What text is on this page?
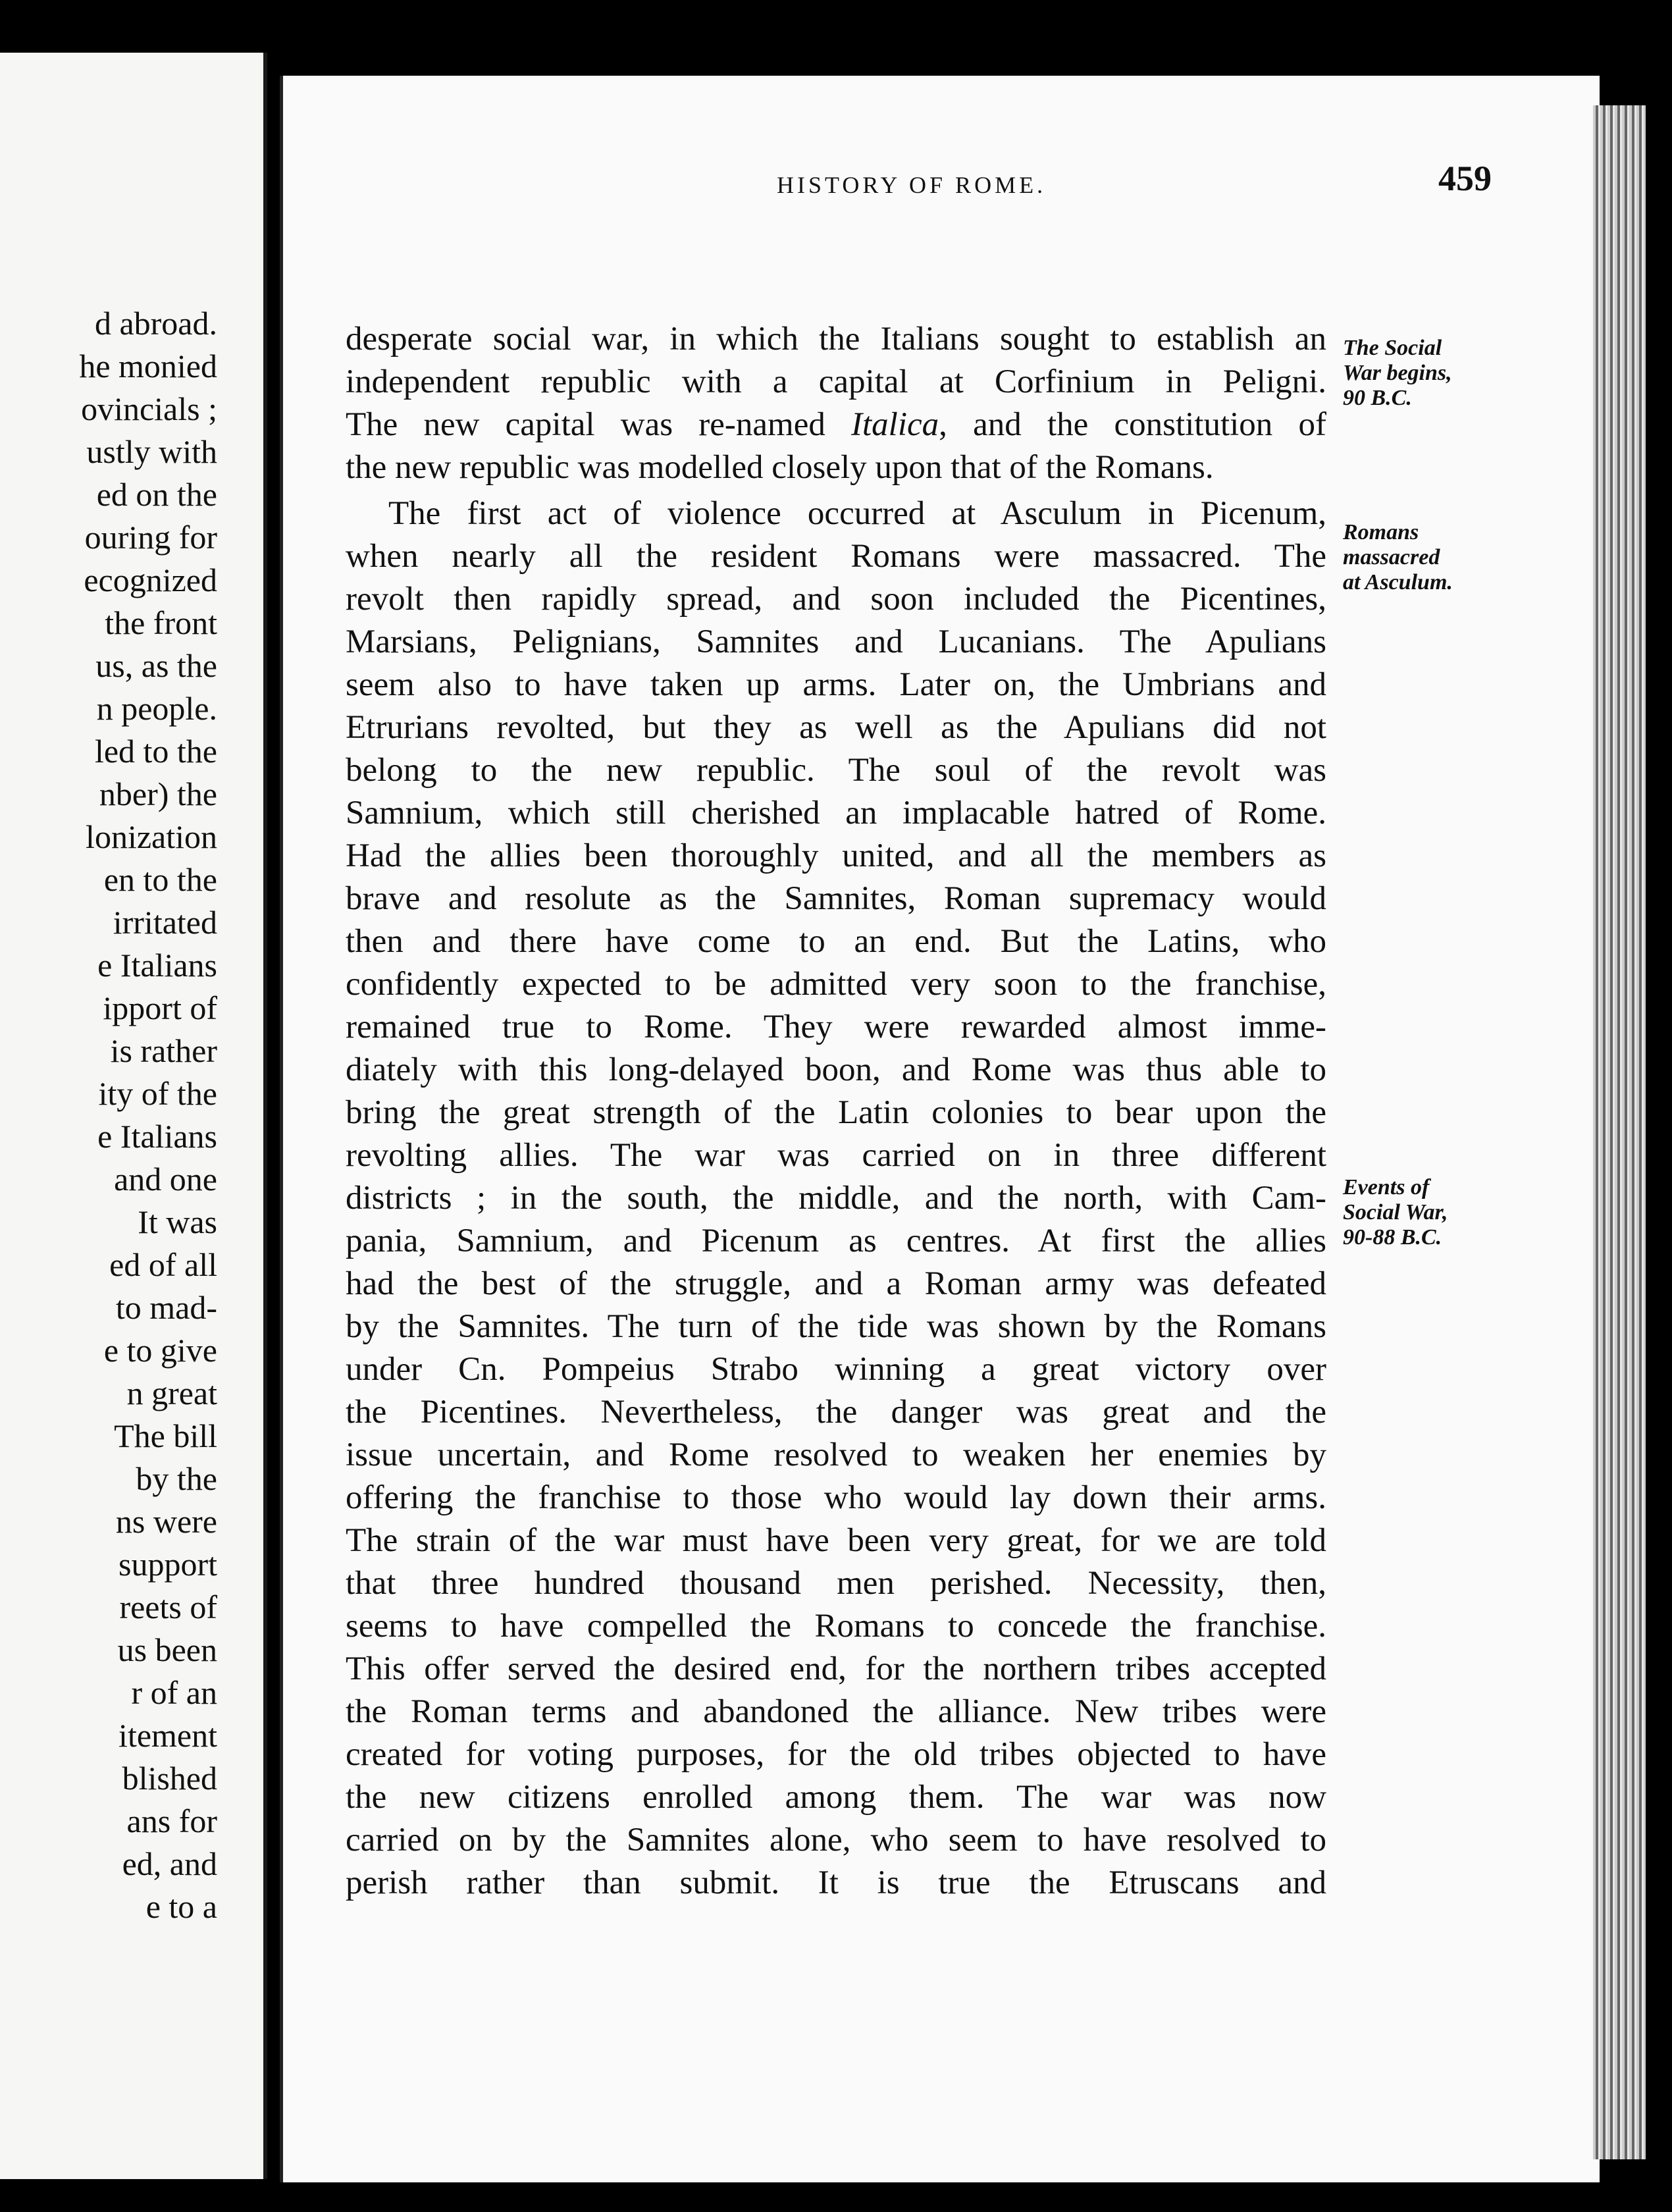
d abroad.
he monied
ovincials ;
ustly with
ed on the
ouring for
ecognized
the front
us, as the
n people.
led to the
nber) the
lonization
en to the
irritated
e Italians
ipport of
is rather
ity of the
e Italians
and one
It was
ed of all
to mad-
e to give
n great
The bill
by the
ns were
support
reets of
us been
r of an
itement
blished
ans for
ed, and
e to a
HISTORY OF ROME.	459
desperate social war, in which the Italians sought to establish an
independent republic with a capital at Corfinium in Peligni.
The new capital was re-named Italica, and the constitution of
the new republic was modelled closely upon that of the Romans.
The first act of violence occurred at Asculum in Picenum,
when nearly all the resident Romans were massacred. The
revolt then rapidly spread, and soon included the Picentines,
Marsians, Pelignians, Samnites and Lucanians. The Apulians
seem also to have taken up arms. Later on, the Umbrians and
Etrurians revolted, but they as well as the Apulians did not
belong to the new republic. The soul of the revolt was
Samnium, which still cherished an implacable hatred of Rome.
Had the allies been thoroughly united, and all the members as
brave and resolute as the Samnites, Roman supremacy would
then and there have come to an end. But the Latins, who
confidently expected to be admitted very soon to the franchise,
remained true to Rome. They were rewarded almost imme-
diately with this long-delayed boon, and Rome was thus able to
bring the great strength of the Latin colonies to bear upon the
revolting allies. The war was carried on in three different
districts ; in the south, the middle, and the north, with Cam-
pania, Samnium, and Picenum as centres. At first the allies
had the best of the struggle, and a Roman army was defeated
by the Samnites. The turn of the tide was shown by the Romans
under Cn. Pompeius Strabo winning a great victory over
the Picentines. Nevertheless, the danger was great and the
issue uncertain, and Rome resolved to weaken her enemies by
offering the franchise to those who would lay down their arms.
The strain of the war must have been very great, for we are told
that three hundred thousand men perished. Necessity, then,
seems to have compelled the Romans to concede the franchise.
This offer served the desired end, for the northern tribes accepted
the Roman terms and abandoned the alliance. New tribes were
created for voting purposes, for the old tribes objected to have
the new citizens enrolled among them. The war was now
carried on by the Samnites alone, who seem to have resolved to
perish rather than submit. It is true the Etruscans and
The Social
War begins,
90 B.C.
Romans
massacred
at Asculum.
Events of
Social War,
90-88 B.C.
